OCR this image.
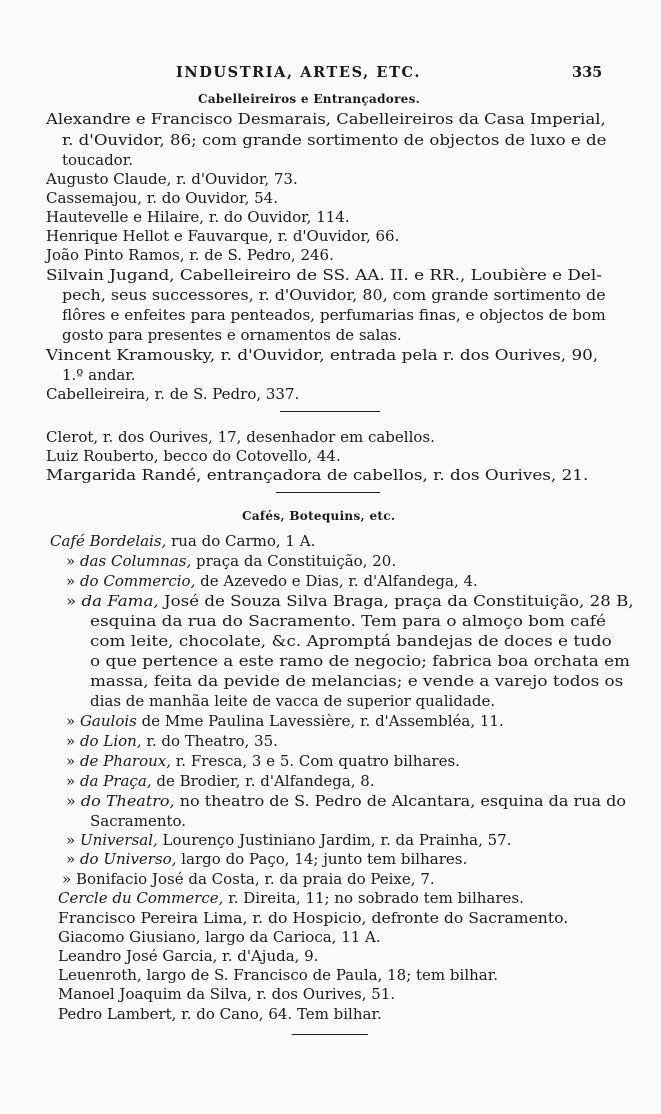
INDUSTRIA, ARTES, ETC.	335
Cabelleireiros e Entrançadores.
Alexandre e Francisco Desmarais, Cabelleireiros da Casa Imperial,
r. d'Ouvidor, 86; com grande sortimento de objectos de luxo e de
toucador.
Augusto Claude, r. d'Ouvidor, 73.
Cassemajou, r. do Ouvidor, 54.
Hautevelle e Hilaire, r. do Ouvidor, 114.
Henrique Hellot e Fauvarque, r. d'Ouvidor, 66.
João Pinto Ramos, r. de S. Pedro, 246.
Silvain Jugand, Cabelleireiro de SS. AA. II. e RR., Loubière e Del-
pech, seus successores, r. d'Ouvidor, 80, com grande sortimento de
flôres e enfeites para penteados, perfumarias finas, e objectos de bom
gosto para presentes e ornamentos de salas.
Vincent Kramousky, r. d'Ouvidor, entrada pela r. dos Ourives, 90,
1.º andar.
Cabelleireira, r. de S. Pedro, 337.
Clerot, r. dos Ourives, 17, desenhador em cabellos.
Luiz Rouberto, becco do Cotovello, 44.
Margarida Randé, entrançadora de cabellos, r. dos Ourives, 21.
Cafés, Botequins, etc.
Café Bordelais, rua do Carmo, 1 A.
» das Columnas, praça da Constituição, 20.
» do Commercio, de Azevedo e Dias, r. d'Alfandega, 4.
» da Fama, José de Souza Silva Braga, praça da Constituição, 28 B,
esquina da rua do Sacramento. Tem para o almoço bom café
com leite, chocolate, &c. Apromptá bandejas de doces e tudo
o que pertence a este ramo de negocio; fabrica boa orchata em
massa, feita da pevide de melancias; e vende a varejo todos os
dias de manhãa leite de vacca de superior qualidade.
» Gaulois de Mme Paulina Lavessière, r. d'Assembléa, 11.
» do Lion, r. do Theatro, 35.
» de Pharoux, r. Fresca, 3 e 5. Com quatro bilhares.
» da Praça, de Brodier, r. d'Alfandega, 8.
» do Theatro, no theatro de S. Pedro de Alcantara, esquina da rua do
Sacramento.
» Universal, Lourenço Justiniano Jardim, r. da Prainha, 57.
» do Universo, largo do Paço, 14; junto tem bilhares.
» Bonifacio José da Costa, r. da praia do Peixe, 7.
Cercle du Commerce, r. Direita, 11; no sobrado tem bilhares.
Francisco Pereira Lima, r. do Hospicio, defronte do Sacramento.
Giacomo Giusiano, largo da Carioca, 11 A.
Leandro José Garcia, r. d'Ajuda, 9.
Leuenroth, largo de S. Francisco de Paula, 18; tem bilhar.
Manoel Joaquim da Silva, r. dos Ourives, 51.
Pedro Lambert, r. do Cano, 64. Tem bilhar.
